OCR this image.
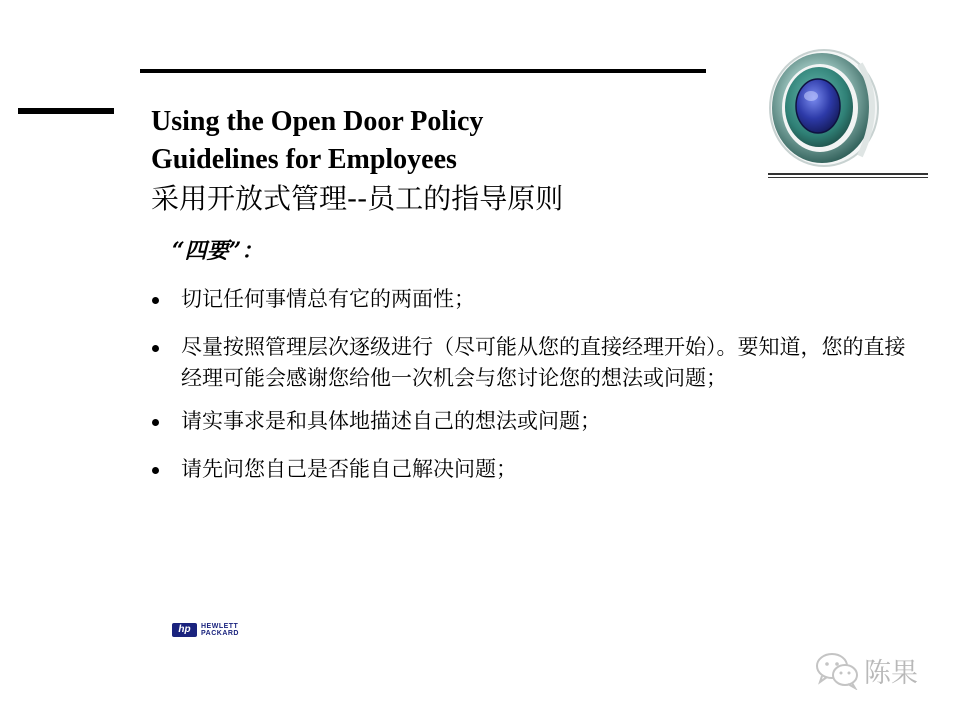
Using the Open Door Policy
Guidelines for Employees
采用开放式管理--员工的指导原则
“四要”：
切记任何事情总有它的两面性；
尽量按照管理层次逐级进行（尽可能从您的直接经理开始）。要知道，您的直接经理可能会感谢您给他一次机会与您讨论您的想法或问题；
请实事求是和具体地描述自己的想法或问题；
请先问您自己是否能自己解决问题；
hp	HEWLETT
PACKARD
陈果
